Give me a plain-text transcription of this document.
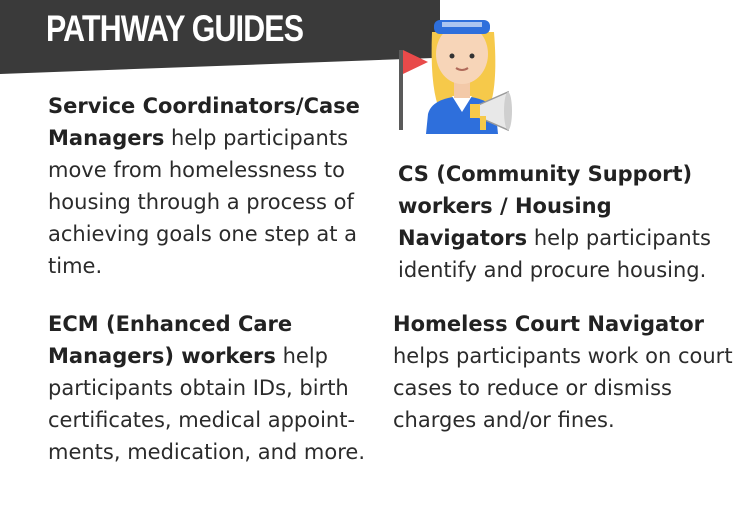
PATHWAY GUIDES

Service Coordinators/Case Managers help participants move from homelessness to housing through a process of achieving goals one step at a time.

CS (Community Support) workers / Housing Navigators help participants identify and procure housing.

ECM (Enhanced Care Managers) workers help participants obtain IDs, birth certificates, medical appoint-ments, medication, and more.

Homeless Court Navigator helps participants work on court cases to reduce or dismiss charges and/or fines.
